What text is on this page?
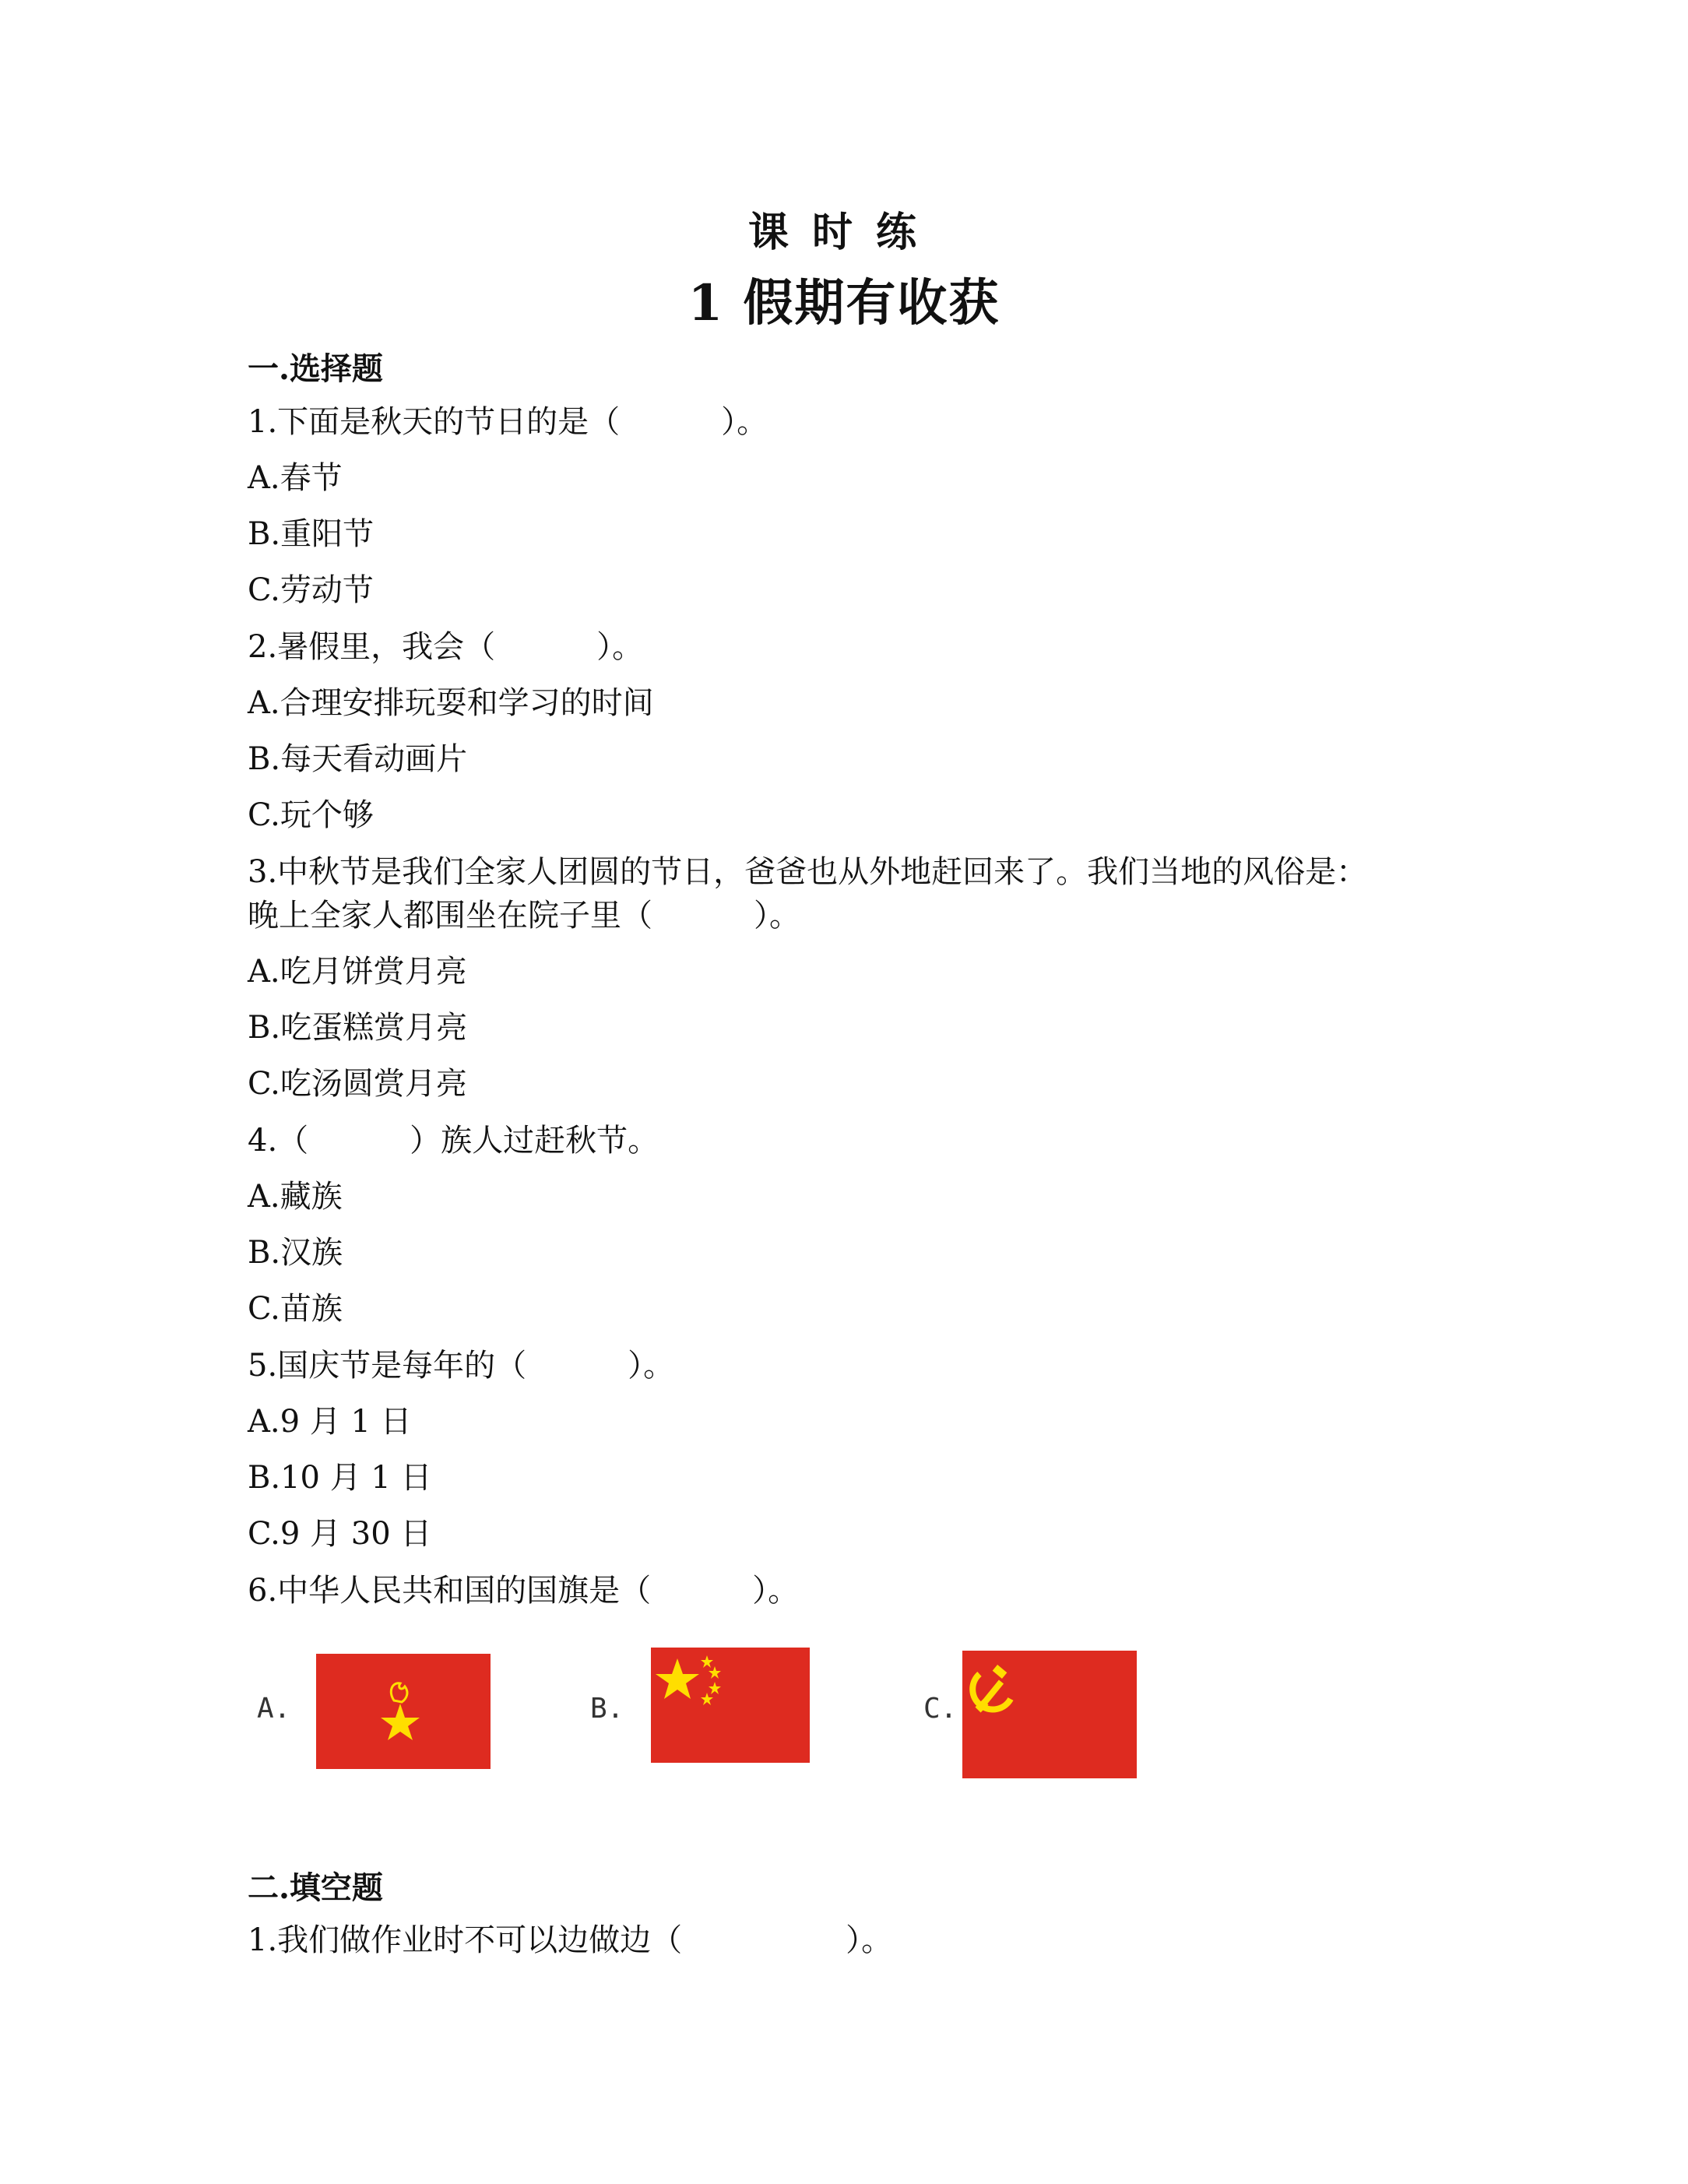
课时练
1 假期有收获
一.选择题
1.下面是秋天的节日的是（	）。
A.春节
B.重阳节
C.劳动节
2.暑假里，我会（	）。
A.合理安排玩耍和学习的时间
B.每天看动画片
C.玩个够
3.中秋节是我们全家人团圆的节日，爸爸也从外地赶回来了。我们当地的风俗是：
晚上全家人都围坐在院子里（	）。
A.吃月饼赏月亮
B.吃蛋糕赏月亮
C.吃汤圆赏月亮
4.（	）族人过赶秋节。
A.藏族
B.汉族
C.苗族
5.国庆节是每年的（	）。
A.9 月 1 日
B.10 月 1 日
C.9 月 30 日
6.中华人民共和国的国旗是（	）。
A.	B.	C.
二.填空题
1.我们做作业时不可以边做边（	）。
